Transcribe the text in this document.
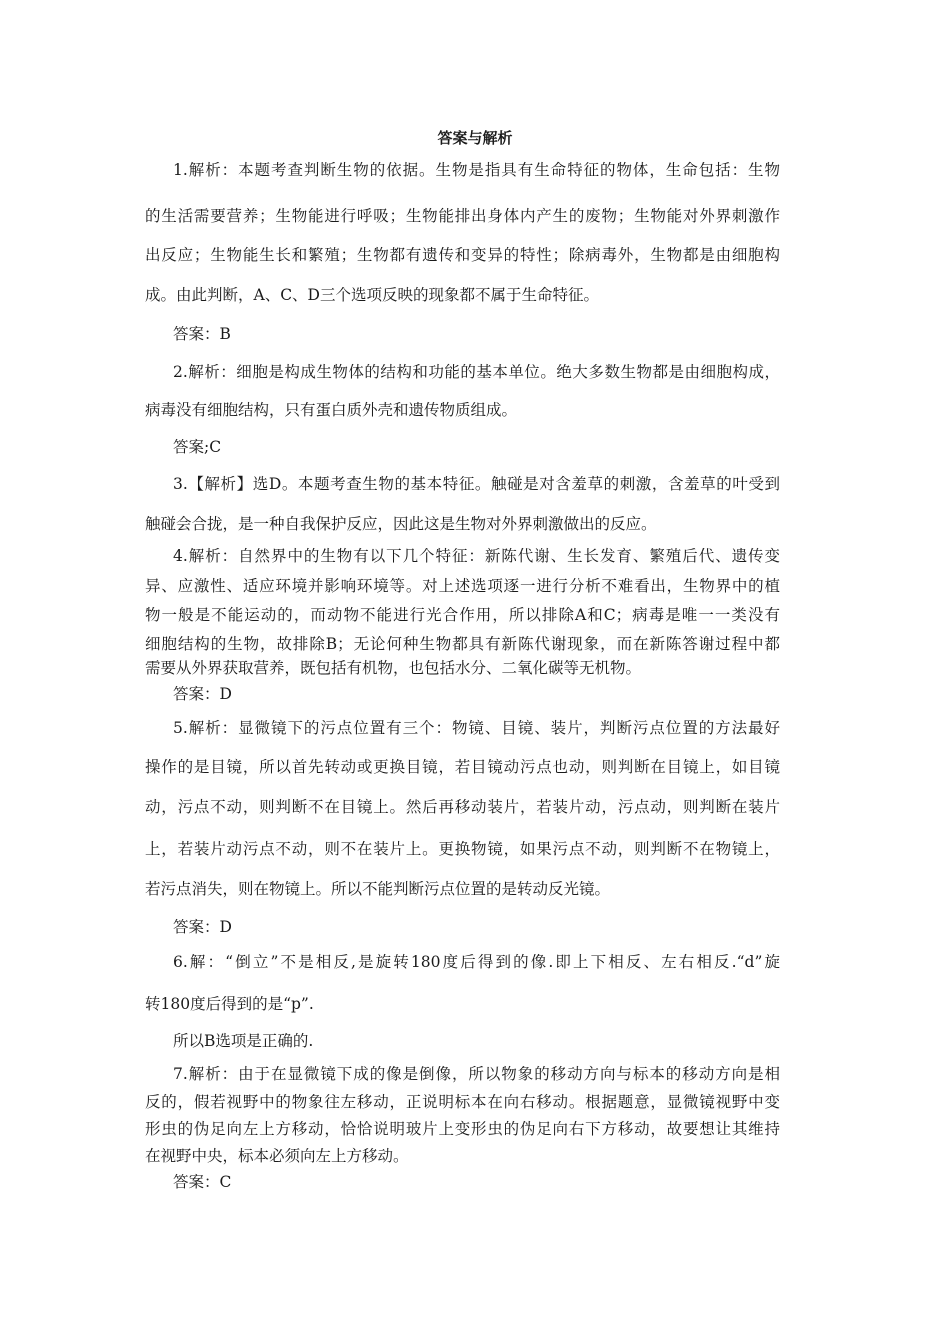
答案与解析
1.解析：本题考查判断生物的依据。生物是指具有生命特征的物体，生命包括：生物
的生活需要营养；生物能进行呼吸；生物能排出身体内产生的废物；生物能对外界刺激作
出反应；生物能生长和繁殖；生物都有遗传和变异的特性；除病毒外，生物都是由细胞构
成。由此判断，A、C、D三个选项反映的现象都不属于生命特征。
答案：B
2.解析：细胞是构成生物体的结构和功能的基本单位。绝大多数生物都是由细胞构成，
病毒没有细胞结构，只有蛋白质外壳和遗传物质组成。
答案;C
3.【解析】选D。本题考查生物的基本特征。触碰是对含羞草的刺激，含羞草的叶受到
触碰会合拢，是一种自我保护反应，因此这是生物对外界刺激做出的反应。
4.解析：自然界中的生物有以下几个特征：新陈代谢、生长发育、繁殖后代、遗传变
异、应激性、适应环境并影响环境等。对上述选项逐一进行分析不难看出，生物界中的植
物一般是不能运动的，而动物不能进行光合作用，所以排除A和C；病毒是唯一一类没有
细胞结构的生物，故排除B；无论何种生物都具有新陈代谢现象，而在新陈答谢过程中都
需要从外界获取营养，既包括有机物，也包括水分、二氧化碳等无机物。
答案：D
5.解析：显微镜下的污点位置有三个：物镜、目镜、装片，判断污点位置的方法最好
操作的是目镜，所以首先转动或更换目镜，若目镜动污点也动，则判断在目镜上，如目镜
动，污点不动，则判断不在目镜上。然后再移动装片，若装片动，污点动，则判断在装片
上，若装片动污点不动，则不在装片上。更换物镜，如果污点不动，则判断不在物镜上，
若污点消失，则在物镜上。所以不能判断污点位置的是转动反光镜。
答案：D
6.解：“倒立”不是相反,是旋转180度后得到的像.即上下相反、左右相反.“d”旋
转180度后得到的是“p”.
所以B选项是正确的.
7.解析：由于在显微镜下成的像是倒像，所以物象的移动方向与标本的移动方向是相
反的，假若视野中的物象往左移动，正说明标本在向右移动。根据题意，显微镜视野中变
形虫的伪足向左上方移动，恰恰说明玻片上变形虫的伪足向右下方移动，故要想让其维持
在视野中央，标本必须向左上方移动。
答案：C
